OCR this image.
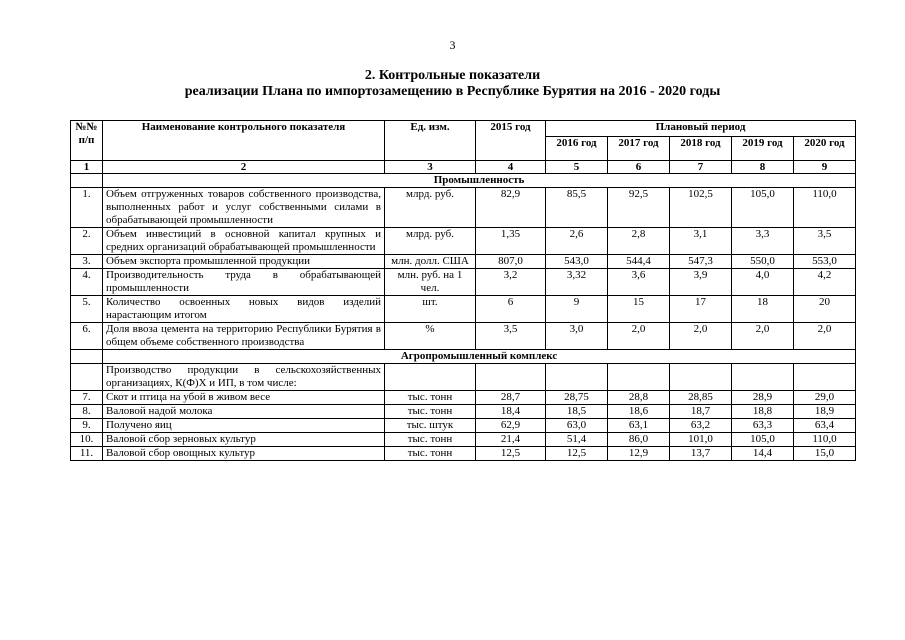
3
2. Контрольные показатели
реализации Плана по импортозамещению в Республике Бурятия на 2016 - 2020 годы
№№ п/п	Наименование контрольного показателя	Ед. изм.	2015 год	Плановый период				
				2016 год	2017 год	2018 год	2019 год	2020 год
1	2	3	4	5	6	7	8	9
	Промышленность							
1.	Объем отгруженных товаров собственного производства, выполненных работ и услуг собственными силами в обрабатывающей промышленности	млрд. руб.	82,9	85,5	92,5	102,5	105,0	110,0
2.	Объем инвестиций в основной капитал крупных и средних организаций обрабатывающей промышленности	млрд. руб.	1,35	2,6	2,8	3,1	3,3	3,5
3.	Объем экспорта промышленной продукции	млн. долл. США	807,0	543,0	544,4	547,3	550,0	553,0
4.	Производительность труда в обрабатывающей промышленности	млн. руб. на 1 чел.	3,2	3,32	3,6	3,9	4,0	4,2
5.	Количество освоенных новых видов изделий нарастающим итогом	шт.	6	9	15	17	18	20
6.	Доля ввоза цемента на территорию Республики Бурятия в общем объеме собственного производства	%	3,5	3,0	2,0	2,0	2,0	2,0
	Агропромышленный комплекс							
	Производство продукции в сельскохозяйственных организациях, К(Ф)Х и ИП, в том числе:							
7.	Скот и птица на убой в живом весе	тыс. тонн	28,7	28,75	28,8	28,85	28,9	29,0
8.	Валовой надой молока	тыс. тонн	18,4	18,5	18,6	18,7	18,8	18,9
9.	Получено яиц	тыс. штук	62,9	63,0	63,1	63,2	63,3	63,4
10.	Валовой сбор зерновых культур	тыс. тонн	21,4	51,4	86,0	101,0	105,0	110,0
11.	Валовой сбор овощных культур	тыс. тонн	12,5	12,5	12,9	13,7	14,4	15,0
